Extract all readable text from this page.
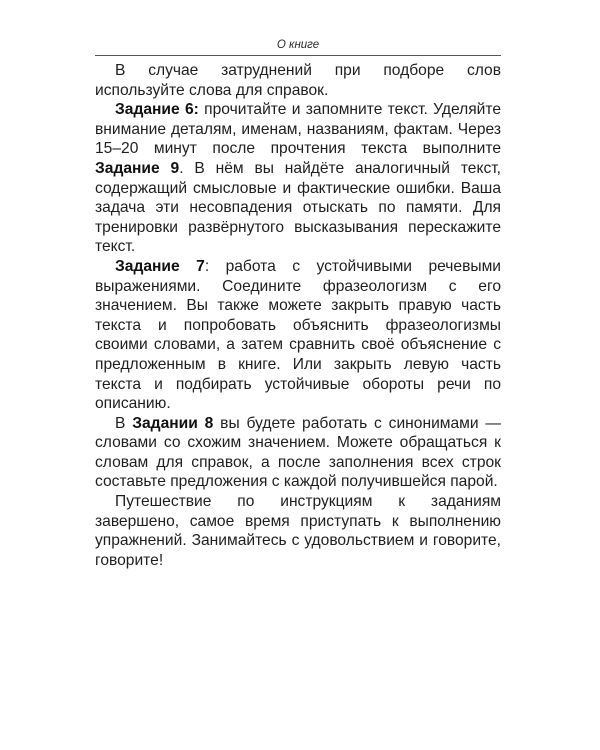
О книге

В случае затруднений при подборе слов используйте слова для справок.

Задание 6: прочитайте и запомните текст. Уделяйте внимание деталям, именам, названиям, фактам. Через 15–20 минут после прочтения текста выполните Задание 9. В нём вы найдёте аналогичный текст, содержащий смысловые и фактические ошибки. Ваша задача эти несовпадения отыскать по памяти. Для тренировки развёрнутого высказывания перескажите текст.

Задание 7: работа с устойчивыми речевыми выражениями. Соедините фразеологизм с его значением. Вы также можете закрыть правую часть текста и попробовать объяснить фразеологизмы своими словами, а затем сравнить своё объяснение с предложенным в книге. Или закрыть левую часть текста и подбирать устойчивые обороты речи по описанию.

В Задании 8 вы будете работать с синонимами — словами со схожим значением. Можете обращаться к словам для справок, а после заполнения всех строк составьте предложения с каждой получившейся парой.

Путешествие по инструкциям к заданиям завершено, самое время приступать к выполнению упражнений. Занимайтесь с удовольствием и говорите, говорите!
